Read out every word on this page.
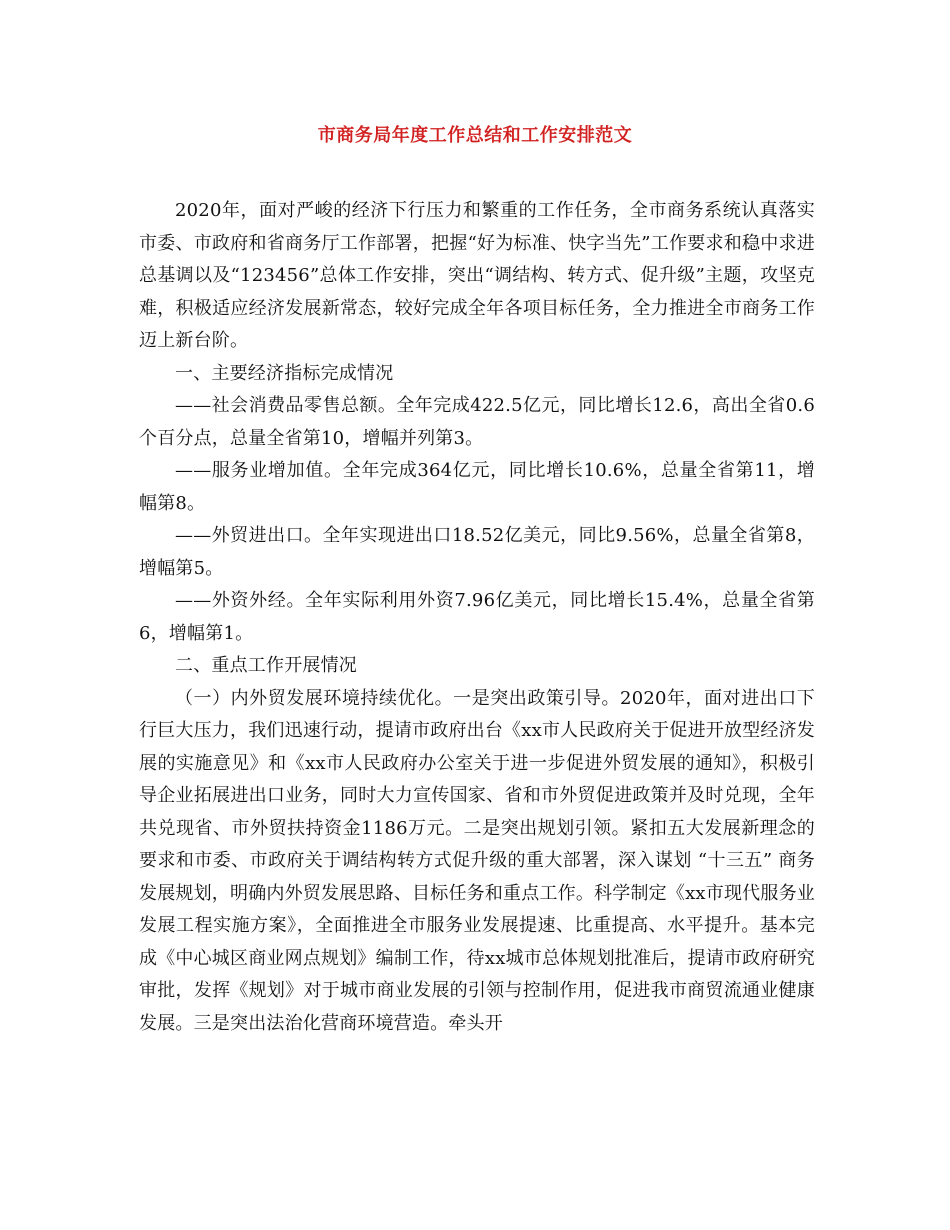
市商务局年度工作总结和工作安排范文

2020年，面对严峻的经济下行压力和繁重的工作任务，全市商务系统认真落实市委、市政府和省商务厅工作部署，把握“好为标准、快字当先”工作要求和稳中求进总基调以及“123456”总体工作安排，突出“调结构、转方式、促升级”主题，攻坚克难，积极适应经济发展新常态，较好完成全年各项目标任务，全力推进全市商务工作迈上新台阶。

一、主要经济指标完成情况

——社会消费品零售总额。全年完成422.5亿元，同比增长12.6，高出全省0.6个百分点，总量全省第10，增幅并列第3。

——服务业增加值。全年完成364亿元，同比增长10.6%，总量全省第11，增幅第8。

——外贸进出口。全年实现进出口18.52亿美元，同比9.56%，总量全省第8，增幅第5。

——外资外经。全年实际利用外资7.96亿美元，同比增长15.4%，总量全省第6，增幅第1。

二、重点工作开展情况

（一）内外贸发展环境持续优化。一是突出政策引导。2020年，面对进出口下行巨大压力，我们迅速行动，提请市政府出台《xx市人民政府关于促进开放型经济发展的实施意见》和《xx市人民政府办公室关于进一步促进外贸发展的通知》，积极引导企业拓展进出口业务，同时大力宣传国家、省和市外贸促进政策并及时兑现，全年共兑现省、市外贸扶持资金1186万元。二是突出规划引领。紧扣五大发展新理念的要求和市委、市政府关于调结构转方式促升级的重大部署，深入谋划 “十三五” 商务发展规划，明确内外贸发展思路、目标任务和重点工作。科学制定《xx市现代服务业发展工程实施方案》，全面推进全市服务业发展提速、比重提高、水平提升。基本完成《中心城区商业网点规划》编制工作，待xx城市总体规划批准后，提请市政府研究审批，发挥《规划》对于城市商业发展的引领与控制作用，促进我市商贸流通业健康发展。三是突出法治化营商环境营造。牵头开
